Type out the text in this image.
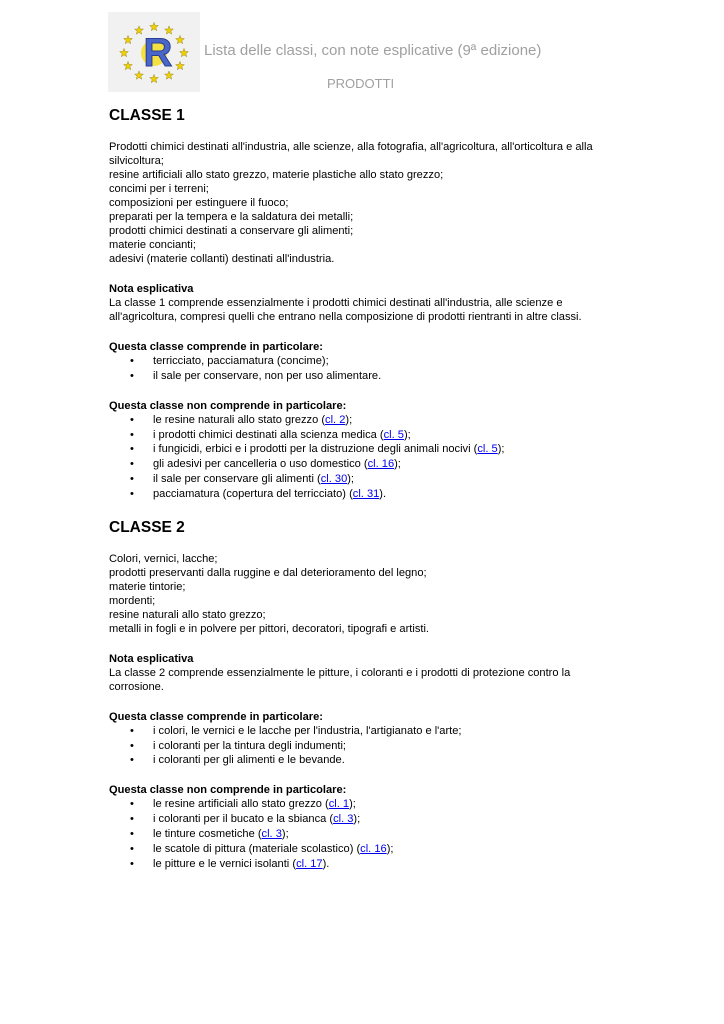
R Lista delle classi, con note esplicative (9ª edizione)
PRODOTTI
CLASSE 1
Prodotti chimici destinati all'industria, alle scienze, alla fotografia, all'agricoltura, all'orticoltura e alla silvicoltura;
resine artificiali allo stato grezzo, materie plastiche allo stato grezzo;
concimi per i terreni;
composizioni per estinguere il fuoco;
preparati per la tempera e la saldatura dei metalli;
prodotti chimici destinati a conservare gli alimenti;
materie concianti;
adesivi (materie collanti) destinati all'industria.
Nota esplicativa
La classe 1 comprende essenzialmente i prodotti chimici destinati all'industria, alle scienze e all'agricoltura, compresi quelli che entrano nella composizione di prodotti rientranti in altre classi.
Questa classe comprende in particolare:
• terricciato, pacciamatura (concime);
• il sale per conservare, non per uso alimentare.
Questa classe non comprende in particolare:
• le resine naturali allo stato grezzo (cl. 2);
• i prodotti chimici destinati alla scienza medica (cl. 5);
• i fungicidi, erbici e i prodotti per la distruzione degli animali nocivi (cl. 5);
• gli adesivi per cancelleria o uso domestico (cl. 16);
• il sale per conservare gli alimenti (cl. 30);
• pacciamatura (copertura del terricciato) (cl. 31).
CLASSE 2
Colori, vernici, lacche;
prodotti preservanti dalla ruggine e dal deterioramento del legno;
materie tintorie;
mordenti;
resine naturali allo stato grezzo;
metalli in fogli e in polvere per pittori, decoratori, tipografi e artisti.
Nota esplicativa
La classe 2 comprende essenzialmente le pitture, i coloranti e i prodotti di protezione contro la corrosione.
Questa classe comprende in particolare:
• i colori, le vernici e le lacche per l'industria, l'artigianato e l'arte;
• i coloranti per la tintura degli indumenti;
• i coloranti per gli alimenti e le bevande.
Questa classe non comprende in particolare:
• le resine artificiali allo stato grezzo (cl. 1);
• i coloranti per il bucato e la sbianca (cl. 3);
• le tinture cosmetiche (cl. 3);
• le scatole di pittura (materiale scolastico) (cl. 16);
• le pitture e le vernici isolanti (cl. 17).
